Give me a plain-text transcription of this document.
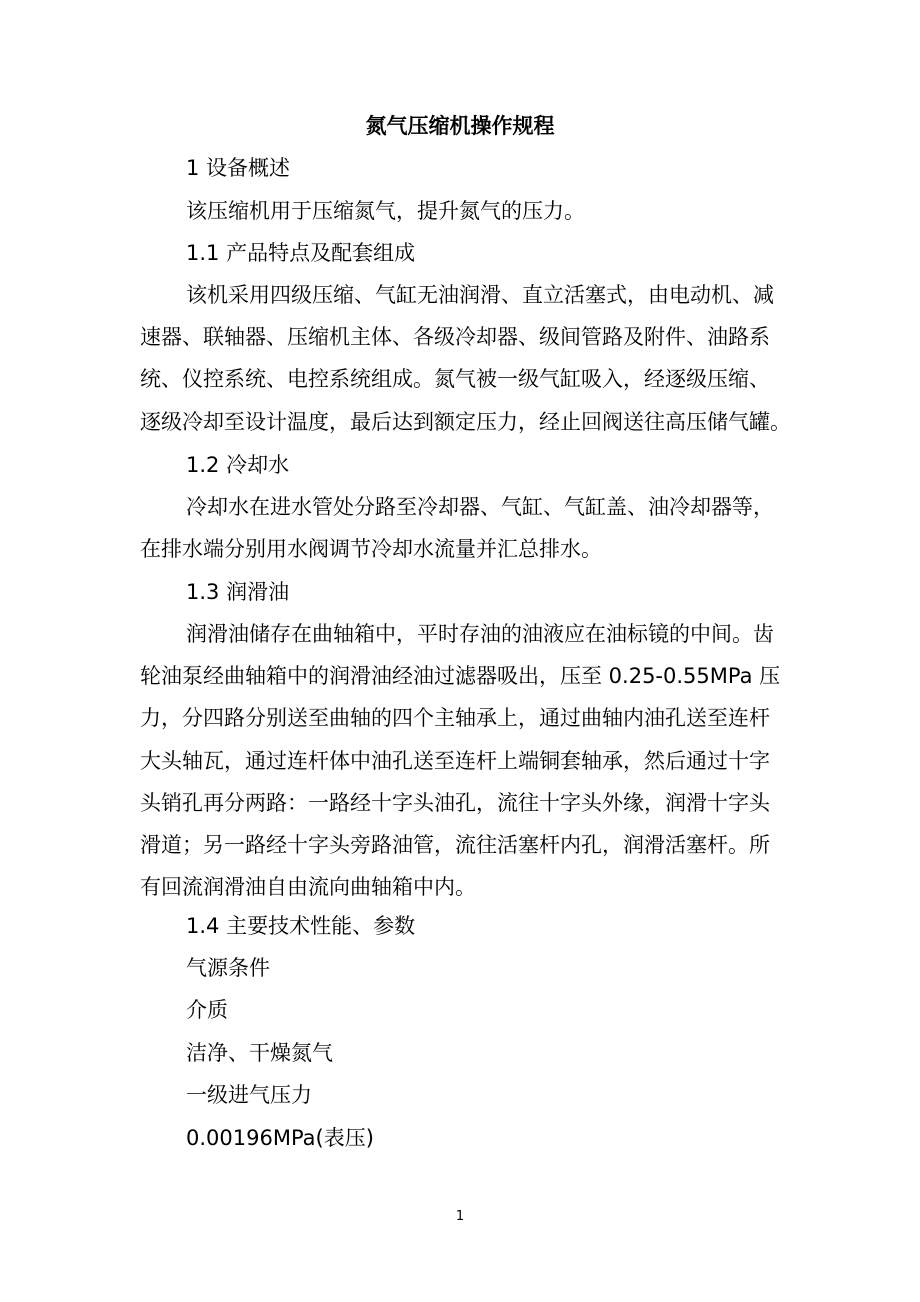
氮气压缩机操作规程
1 设备概述
该压缩机用于压缩氮气，提升氮气的压力。
1.1 产品特点及配套组成
该机采用四级压缩、气缸无油润滑、直立活塞式，由电动机、减
速器、联轴器、压缩机主体、各级冷却器、级间管路及附件、油路系
统、仪控系统、电控系统组成。氮气被一级气缸吸入，经逐级压缩、
逐级冷却至设计温度，最后达到额定压力，经止回阀送往高压储气罐。
1.2 冷却水
冷却水在进水管处分路至冷却器、气缸、气缸盖、油冷却器等，
在排水端分别用水阀调节冷却水流量并汇总排水。
1.3 润滑油
润滑油储存在曲轴箱中，平时存油的油液应在油标镜的中间。齿
轮油泵经曲轴箱中的润滑油经油过滤器吸出，压至 0.25-0.55MPa 压
力，分四路分别送至曲轴的四个主轴承上，通过曲轴内油孔送至连杆
大头轴瓦，通过连杆体中油孔送至连杆上端铜套轴承，然后通过十字
头销孔再分两路：一路经十字头油孔，流往十字头外缘，润滑十字头
滑道；另一路经十字头旁路油管，流往活塞杆内孔，润滑活塞杆。所
有回流润滑油自由流向曲轴箱中内。
1.4 主要技术性能、参数
气源条件
介质
洁净、干燥氮气
一级进气压力
0.00196MPa(表压)
1
